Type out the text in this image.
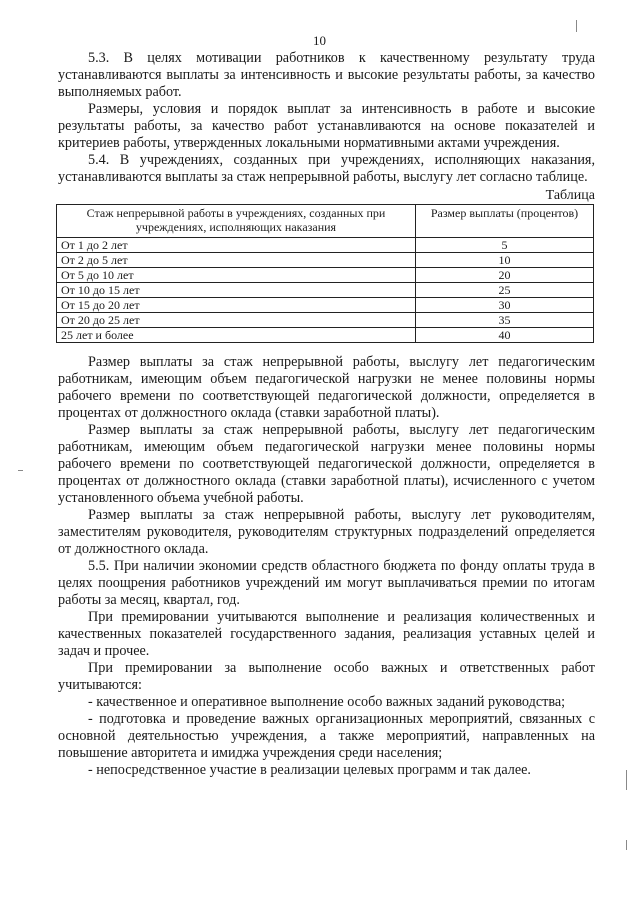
10

5.3. В целях мотивации работников к качественному результату труда устанавливаются выплаты за интенсивность и высокие результаты работы, за качество выполняемых работ.

Размеры, условия и порядок выплат за интенсивность в работе и высокие результаты работы, за качество работ устанавливаются на основе показателей и критериев работы, утвержденных локальными нормативными актами учреждения.

5.4. В учреждениях, созданных при учреждениях, исполняющих наказания, устанавливаются выплаты за стаж непрерывной работы, выслугу лет согласно таблице.

Таблица
Стаж непрерывной работы в учреждениях, созданных при учреждениях, исполняющих наказания	Размер выплаты (процентов)
От 1 до 2 лет	5
От 2 до 5 лет	10
От 5 до 10 лет	20
От 10 до 15 лет	25
От 15 до 20 лет	30
От 20 до 25 лет	35
25 лет и более	40

Размер выплаты за стаж непрерывной работы, выслугу лет педагогическим работникам, имеющим объем педагогической нагрузки не менее половины нормы рабочего времени по соответствующей педагогической должности, определяется в процентах от должностного оклада (ставки заработной платы).

Размер выплаты за стаж непрерывной работы, выслугу лет педагогическим работникам, имеющим объем педагогической нагрузки менее половины нормы рабочего времени по соответствующей педагогической должности, определяется в процентах от должностного оклада (ставки заработной платы), исчисленного с учетом установленного объема учебной работы.

Размер выплаты за стаж непрерывной работы, выслугу лет руководителям, заместителям руководителя, руководителям структурных подразделений определяется от должностного оклада.

5.5. При наличии экономии средств областного бюджета по фонду оплаты труда в целях поощрения работников учреждений им могут выплачиваться премии по итогам работы за месяц, квартал, год.

При премировании учитываются выполнение и реализация количественных и качественных показателей государственного задания, реализация уставных целей и задач и прочее.

При премировании за выполнение особо важных и ответственных работ учитываются:

- качественное и оперативное выполнение особо важных заданий руководства;

- подготовка и проведение важных организационных мероприятий, связанных с основной деятельностью учреждения, а также мероприятий, направленных на повышение авторитета и имиджа учреждения среди населения;

- непосредственное участие в реализации целевых программ и так далее.
